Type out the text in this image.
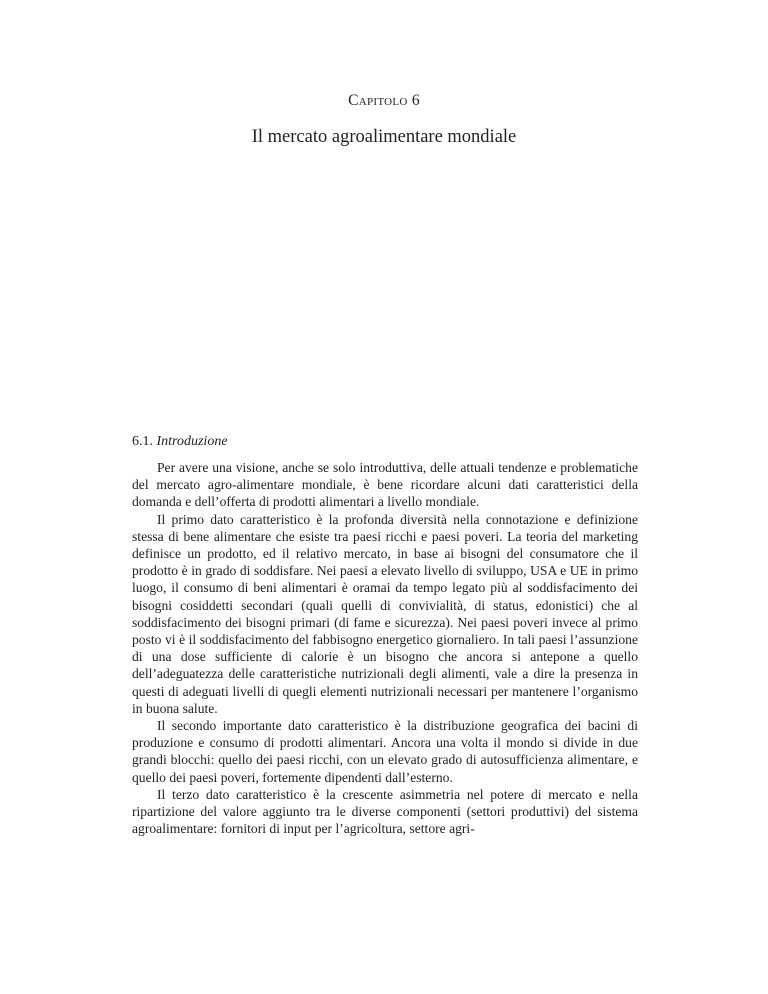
Capitolo 6
Il mercato agroalimentare mondiale
6.1. Introduzione

Per avere una visione, anche se solo introduttiva, delle attuali tendenze e problematiche del mercato agro-alimentare mondiale, è bene ricordare alcuni dati caratteristici della domanda e dell’offerta di prodotti alimentari a livello mondiale.

Il primo dato caratteristico è la profonda diversità nella connotazione e definizione stessa di bene alimentare che esiste tra paesi ricchi e paesi poveri. La teoria del marketing definisce un prodotto, ed il relativo mercato, in base ai bisogni del consumatore che il prodotto è in grado di soddisfare. Nei paesi a elevato livello di sviluppo, USA e UE in primo luogo, il consumo di beni alimentari è oramai da tempo legato più al soddisfacimento dei bisogni cosiddetti secondari (quali quelli di convivialità, di status, edonistici) che al soddisfacimento dei bisogni primari (di fame e sicurezza). Nei paesi poveri invece al primo posto vi è il soddisfacimento del fabbisogno energetico giornaliero. In tali paesi l’assunzione di una dose sufficiente di calorie è un bisogno che ancora si antepone a quello dell’adeguatezza delle caratteristiche nutrizionali degli alimenti, vale a dire la presenza in questi di adeguati livelli di quegli elementi nutrizionali necessari per mantenere l’organismo in buona salute.

Il secondo importante dato caratteristico è la distribuzione geografica dei bacini di produzione e consumo di prodotti alimentari. Ancora una volta il mondo si divide in due grandi blocchi: quello dei paesi ricchi, con un elevato grado di autosufficienza alimentare, e quello dei paesi poveri, fortemente dipendenti dall’esterno.

Il terzo dato caratteristico è la crescente asimmetria nel potere di mercato e nella ripartizione del valore aggiunto tra le diverse componenti (settori produttivi) del sistema agroalimentare: fornitori di input per l’agricoltura, settore agri-
